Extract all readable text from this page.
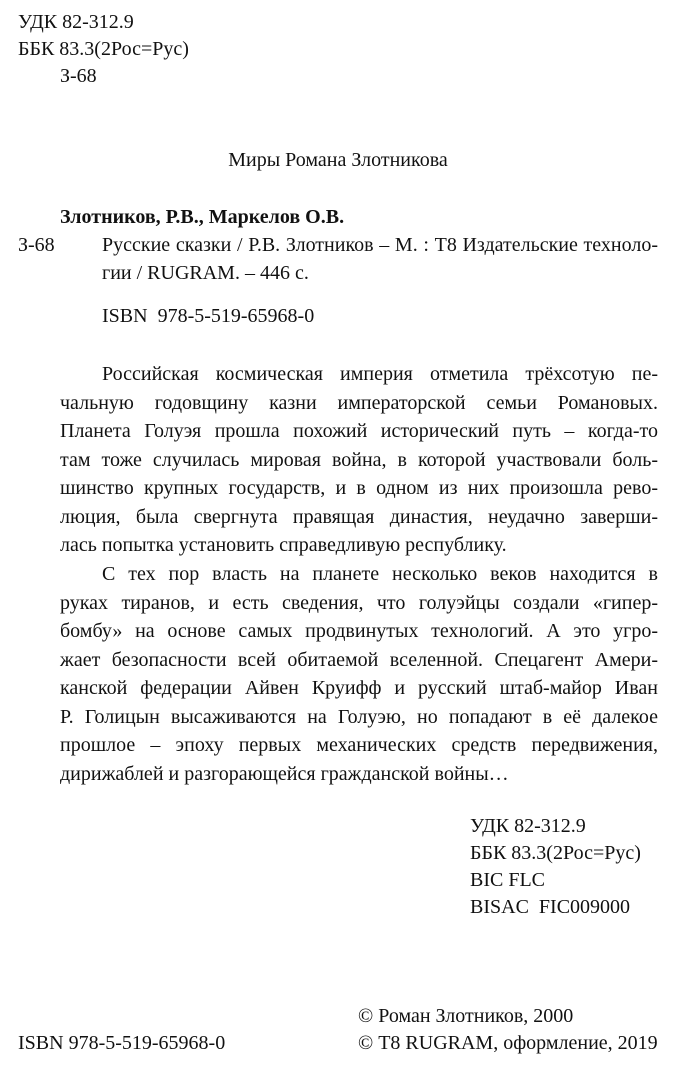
УДК 82-312.9
ББК 83.3(2Рос=Рус)
З-68
Миры Романа Злотникова
Злотников, Р.В., Маркелов О.В.
З-68 Русские сказки / Р.В. Злотников – М. : Т8 Издательские техноло-
гии / RUGRAM. – 446 с.
ISBN  978-5-519-65968-0
Российская космическая империя отметила трёхсотую пе-
чальную годовщину казни императорской семьи Романовых.
Планета Голуэя прошла похожий исторический путь – когда-то
там тоже случилась мировая война, в которой участвовали боль-
шинство крупных государств, и в одном из них произошла рево-
люция, была свергнута правящая династия, неудачно заверши-
лась попытка установить справедливую республику.
С тех пор власть на планете несколько веков находится в
руках тиранов, и есть сведения, что голуэйцы создали «гипер-
бомбу» на основе самых продвинутых технологий. А это угро-
жает безопасности всей обитаемой вселенной. Спецагент Амери-
канской федерации Айвен Круифф и русский штаб-майор Иван
Р. Голицын высаживаются на Голуэю, но попадают в её далекое
прошлое – эпоху первых механических средств передвижения,
дирижаблей и разгорающейся гражданской войны…
УДК 82-312.9
ББК 83.3(2Рос=Рус)
BIC FLC
BISAC  FIC009000
ISBN 978-5-519-65968-0
© Роман Злотников, 2000
© Т8 RUGRAM, оформление, 2019
